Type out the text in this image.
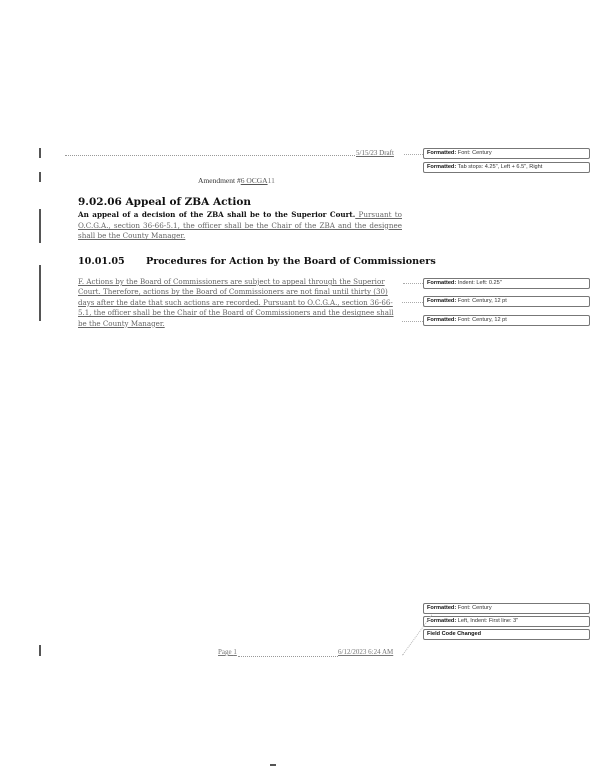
5/15/23 Draft
Amendment #6 OCGA11
9.02.06 Appeal of ZBA Action
An appeal of a decision of the ZBA shall be to the Superior Court. Pursuant to O.C.G.A., section 36-66-5.1, the officer shall be the Chair of the ZBA and the designee shall be the County Manager.
10.01.05 Procedures for Action by the Board of Commissioners
F. Actions by the Board of Commissioners are subject to appeal through the Superior Court. Therefore, actions by the Board of Commissioners are not final until thirty (30) days after the date that such actions are recorded. Pursuant to O.C.G.A., section 36-66-5.1, the officer shall be the Chair of the Board of Commissioners and the designee shall be the County Manager.
Formatted: Font: Century
Formatted: Tab stops: 4.25", Left + 6.5", Right
Formatted: Indent: Left: 0.25"
Formatted: Font: Century, 12 pt
Formatted: Font: Century, 12 pt
Formatted: Font: Century
Formatted: Left, Indent: First line: 3"
Field Code Changed
Page 1	6/12/2023 6:24 AM
